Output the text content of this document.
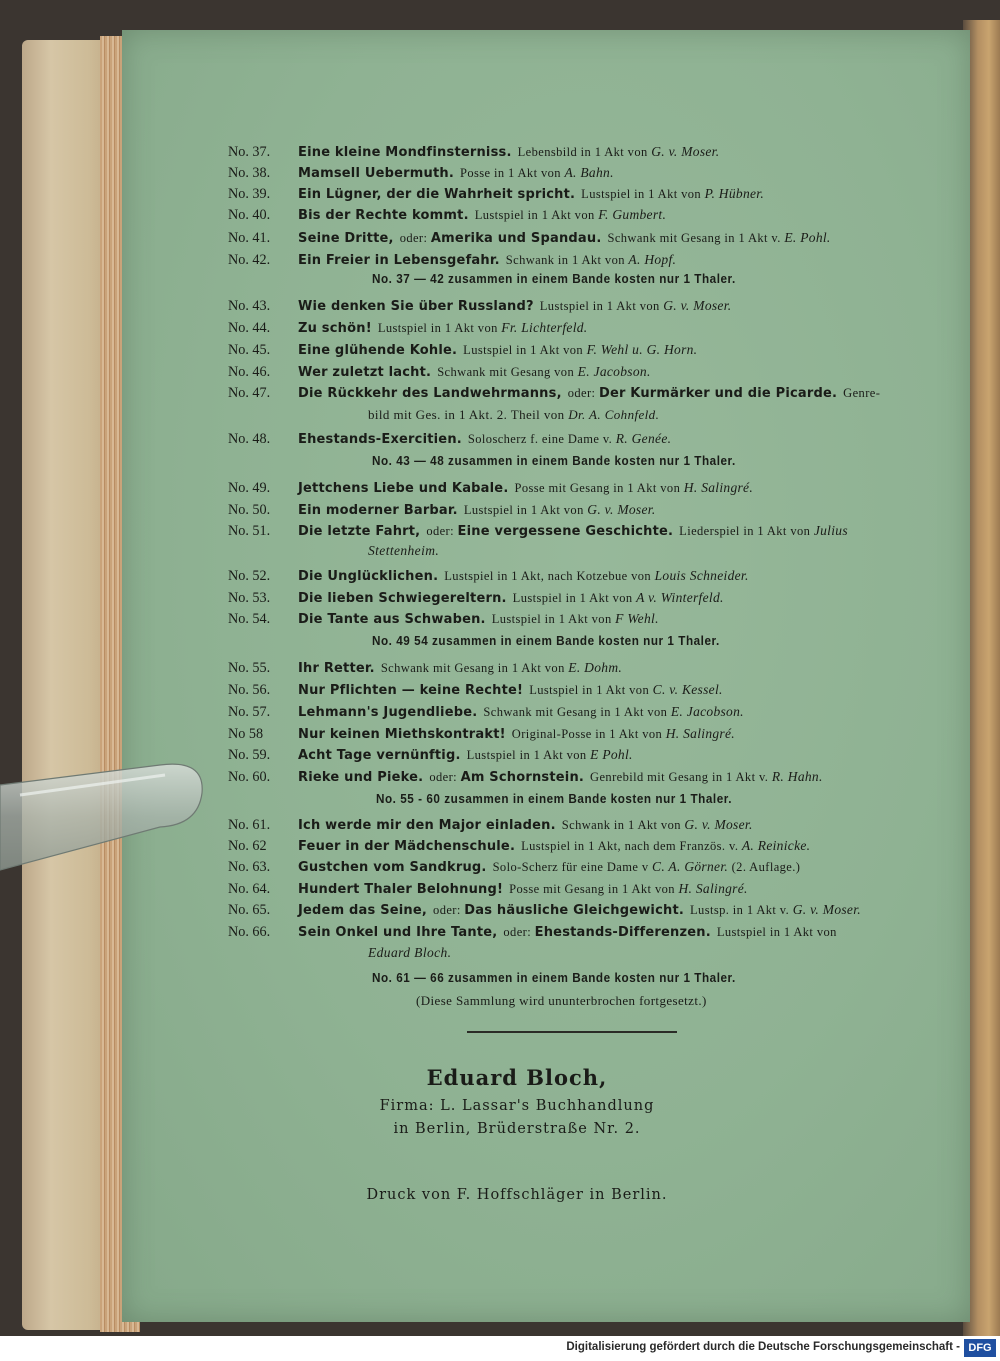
No. 37. Eine kleine Mondfinsterniss. Lebensbild in 1 Akt von G. v. Moser.
No. 38. Mamsell Uebermuth. Posse in 1 Akt von A. Bahn.
No. 39. Ein Lügner, der die Wahrheit spricht. Lustspiel in 1 Akt von P. Hübner.
No. 40. Bis der Rechte kommt. Lustspiel in 1 Akt von F. Gumbert.
No. 41. Seine Dritte, oder: Amerika und Spandau. Schwank mit Gesang in 1 Akt v. E. Pohl.
No. 42. Ein Freier in Lebensgefahr. Schwank in 1 Akt von A. Hopf.
No. 37 — 42 zusammen in einem Bande kosten nur 1 Thaler.
No. 43. Wie denken Sie über Russland? Lustspiel in 1 Akt von G. v. Moser.
No. 44. Zu schön! Lustspiel in 1 Akt von Fr. Lichterfeld.
No. 45. Eine glühende Kohle. Lustspiel in 1 Akt von F. Wehl u. G. Horn.
No. 46. Wer zuletzt lacht. Schwank mit Gesang von E. Jacobson.
No. 47. Die Rückkehr des Landwehrmanns, oder: Der Kurmärker und die Picarde. Genre-
bild mit Ges. in 1 Akt. 2. Theil von Dr. A. Cohnfeld.
No. 48. Ehestands-Exercitien. Soloscherz f. eine Dame v. R. Genée.
No. 43 — 48 zusammen in einem Bande kosten nur 1 Thaler.
No. 49. Jettchens Liebe und Kabale. Posse mit Gesang in 1 Akt von H. Salingré.
No. 50. Ein moderner Barbar. Lustspiel in 1 Akt von G. v. Moser.
No. 51. Die letzte Fahrt, oder: Eine vergessene Geschichte. Liederspiel in 1 Akt von Julius
Stettenheim.
No. 52. Die Unglücklichen. Lustspiel in 1 Akt, nach Kotzebue von Louis Schneider.
No. 53. Die lieben Schwiegereltern. Lustspiel in 1 Akt von A v. Winterfeld.
No. 54. Die Tante aus Schwaben. Lustspiel in 1 Akt von F Wehl.
No. 49 54 zusammen in einem Bande kosten nur 1 Thaler.
No. 55. Ihr Retter. Schwank mit Gesang in 1 Akt von E. Dohm.
No. 56. Nur Pflichten — keine Rechte! Lustspiel in 1 Akt von C. v. Kessel.
No. 57. Lehmann's Jugendliebe. Schwank mit Gesang in 1 Akt von E. Jacobson.
No 58	Nur keinen Miethskontrakt! Original-Posse in 1 Akt von H. Salingré.
No. 59. Acht Tage vernünftig. Lustspiel in 1 Akt von E Pohl.
No. 60. Rieke und Pieke. oder: Am Schornstein. Genrebild mit Gesang in 1 Akt v. R. Hahn.
No. 55 - 60 zusammen in einem Bande kosten nur 1 Thaler.
No. 61. Ich werde mir den Major einladen. Schwank in 1 Akt von G. v. Moser.
No. 62 Feuer in der Mädchenschule. Lustspiel in 1 Akt, nach dem Französ. v. A. Reinicke.
No. 63. Gustchen vom Sandkrug. Solo-Scherz für eine Dame v C. A. Görner. (2. Auflage.)
No. 64. Hundert Thaler Belohnung! Posse mit Gesang in 1 Akt von H. Salingré.
No. 65. Jedem das Seine, oder: Das häusliche Gleichgewicht. Lustsp. in 1 Akt v. G. v. Moser.
No. 66. Sein Onkel und Ihre Tante, oder: Ehestands-Differenzen. Lustspiel in 1 Akt von
Eduard Bloch.
No. 61 — 66 zusammen in einem Bande kosten nur 1 Thaler.
(Diese Sammlung wird ununterbrochen fortgesetzt.)
Eduard Bloch,
Firma: L. Lassar's Buchhandlung
in Berlin, Brüderstraße Nr. 2.
Druck von F. Hoffschläger in Berlin.
Digitalisierung gefördert durch die Deutsche Forschungsgemeinschaft - DFG
